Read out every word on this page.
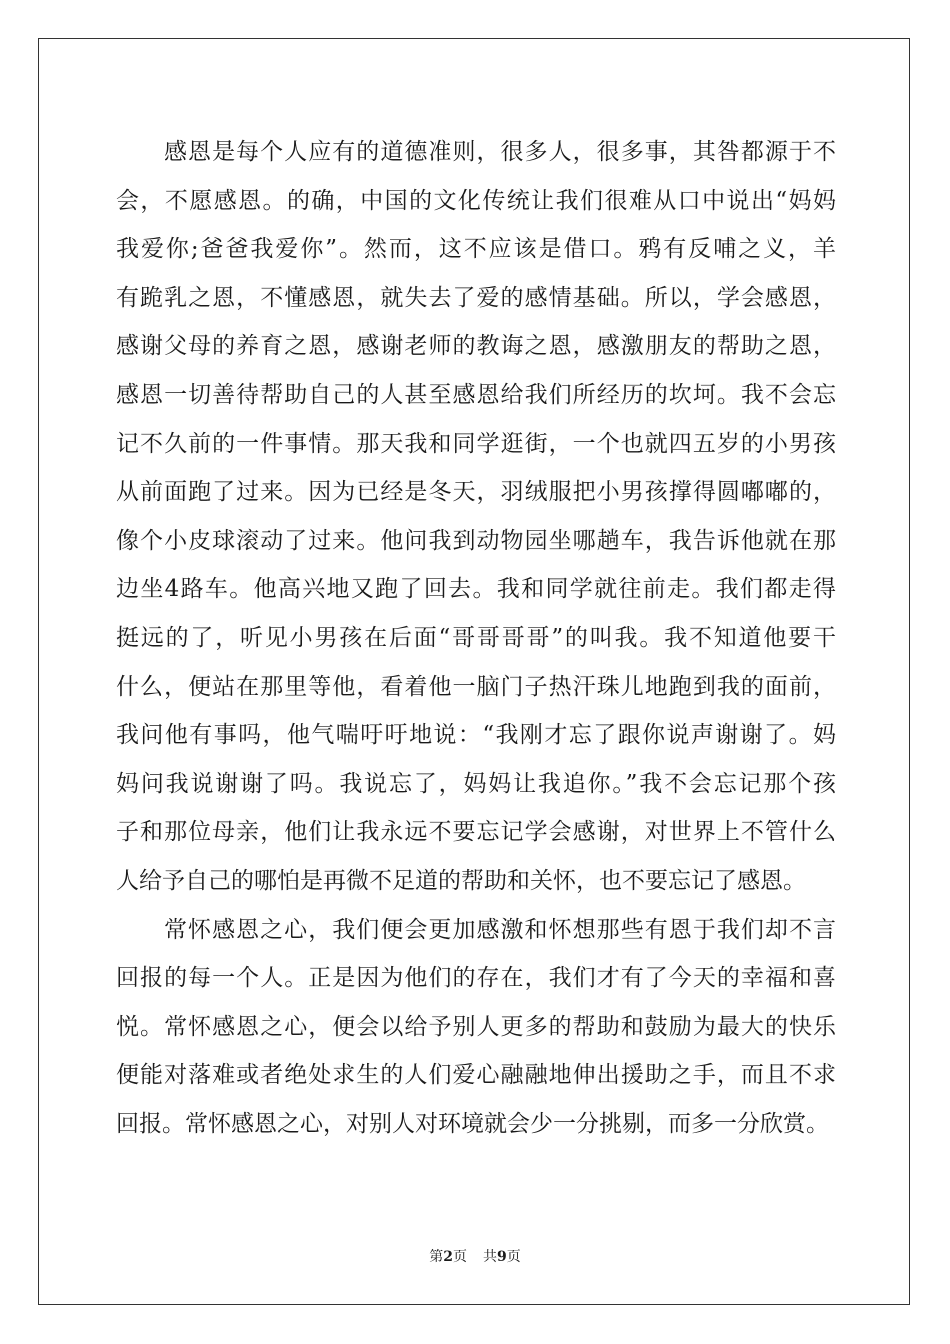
感恩是每个人应有的道德准则，很多人，很多事，其咎都源于不
会，不愿感恩。的确，中国的文化传统让我们很难从口中说出“妈妈
我爱你;爸爸我爱你”。然而，这不应该是借口。鸦有反哺之义，羊
有跪乳之恩，不懂感恩，就失去了爱的感情基础。所以，学会感恩，
感谢父母的养育之恩，感谢老师的教诲之恩，感激朋友的帮助之恩，
感恩一切善待帮助自己的人甚至感恩给我们所经历的坎坷。我不会忘
记不久前的一件事情。那天我和同学逛街，一个也就四五岁的小男孩
从前面跑了过来。因为已经是冬天，羽绒服把小男孩撑得圆嘟嘟的，
像个小皮球滚动了过来。他问我到动物园坐哪趟车，我告诉他就在那
边坐4路车。他高兴地又跑了回去。我和同学就往前走。我们都走得
挺远的了，听见小男孩在后面“哥哥哥哥”的叫我。我不知道他要干
什么，便站在那里等他，看着他一脑门子热汗珠儿地跑到我的面前，
我问他有事吗，他气喘吁吁地说：“我刚才忘了跟你说声谢谢了。妈
妈问我说谢谢了吗。我说忘了，妈妈让我追你。”我不会忘记那个孩
子和那位母亲，他们让我永远不要忘记学会感谢，对世界上不管什么
人给予自己的哪怕是再微不足道的帮助和关怀，也不要忘记了感恩。
常怀感恩之心，我们便会更加感激和怀想那些有恩于我们却不言
回报的每一个人。正是因为他们的存在，我们才有了今天的幸福和喜
悦。常怀感恩之心，便会以给予别人更多的帮助和鼓励为最大的快乐
便能对落难或者绝处求生的人们爱心融融地伸出援助之手，而且不求
回报。常怀感恩之心，对别人对环境就会少一分挑剔，而多一分欣赏。
第2页 共9页
